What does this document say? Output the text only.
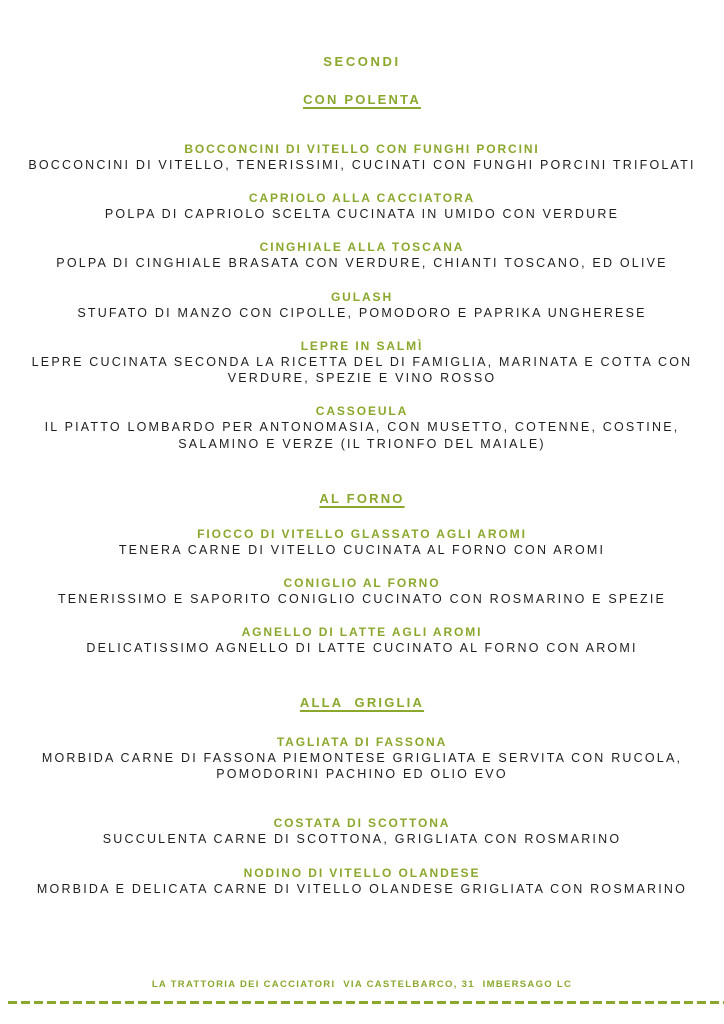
SECONDI
CON POLENTA
BOCCONCINI DI VITELLO CON FUNGHI PORCINI
BOCCONCINI DI VITELLO, TENERISSIMI, CUCINATI CON FUNGHI PORCINI TRIFOLATI
CAPRIOLO ALLA CACCIATORA
POLPA DI CAPRIOLO SCELTA CUCINATA IN UMIDO CON VERDURE
CINGHIALE ALLA TOSCANA
POLPA DI CINGHIALE BRASATA CON VERDURE, CHIANTI TOSCANO, ED OLIVE
GULASH
STUFATO DI MANZO CON CIPOLLE, POMODORO E PAPRIKA UNGHERESE
LEPRE IN SALMÌ
LEPRE CUCINATA SECONDA LA RICETTA DEL DI FAMIGLIA, MARINATA E COTTA CON
VERDURE, SPEZIE E VINO ROSSO
CASSOEULA
IL PIATTO LOMBARDO PER ANTONOMASIA, CON MUSETTO, COTENNE, COSTINE,
SALAMINO E VERZE (IL TRIONFO DEL MAIALE)
AL FORNO
FIOCCO DI VITELLO GLASSATO AGLI AROMI
TENERA CARNE DI VITELLO CUCINATA AL FORNO CON AROMI
CONIGLIO AL FORNO
TENERISSIMO E SAPORITO CONIGLIO CUCINATO CON ROSMARINO E SPEZIE
AGNELLO DI LATTE AGLI AROMI
DELICATISSIMO AGNELLO DI LATTE CUCINATO AL FORNO CON AROMI
ALLA  GRIGLIA
TAGLIATA DI FASSONA
MORBIDA CARNE DI FASSONA PIEMONTESE GRIGLIATA E SERVITA CON RUCOLA,
POMODORINI PACHINO ED OLIO EVO
COSTATA DI SCOTTONA
SUCCULENTA CARNE DI SCOTTONA, GRIGLIATA CON ROSMARINO
NODINO DI VITELLO OLANDESE
MORBIDA E DELICATA CARNE DI VITELLO OLANDESE GRIGLIATA CON ROSMARINO
LA TRATTORIA DEI CACCIATORI  VIA CASTELBARCO, 31  IMBERSAGO LC
